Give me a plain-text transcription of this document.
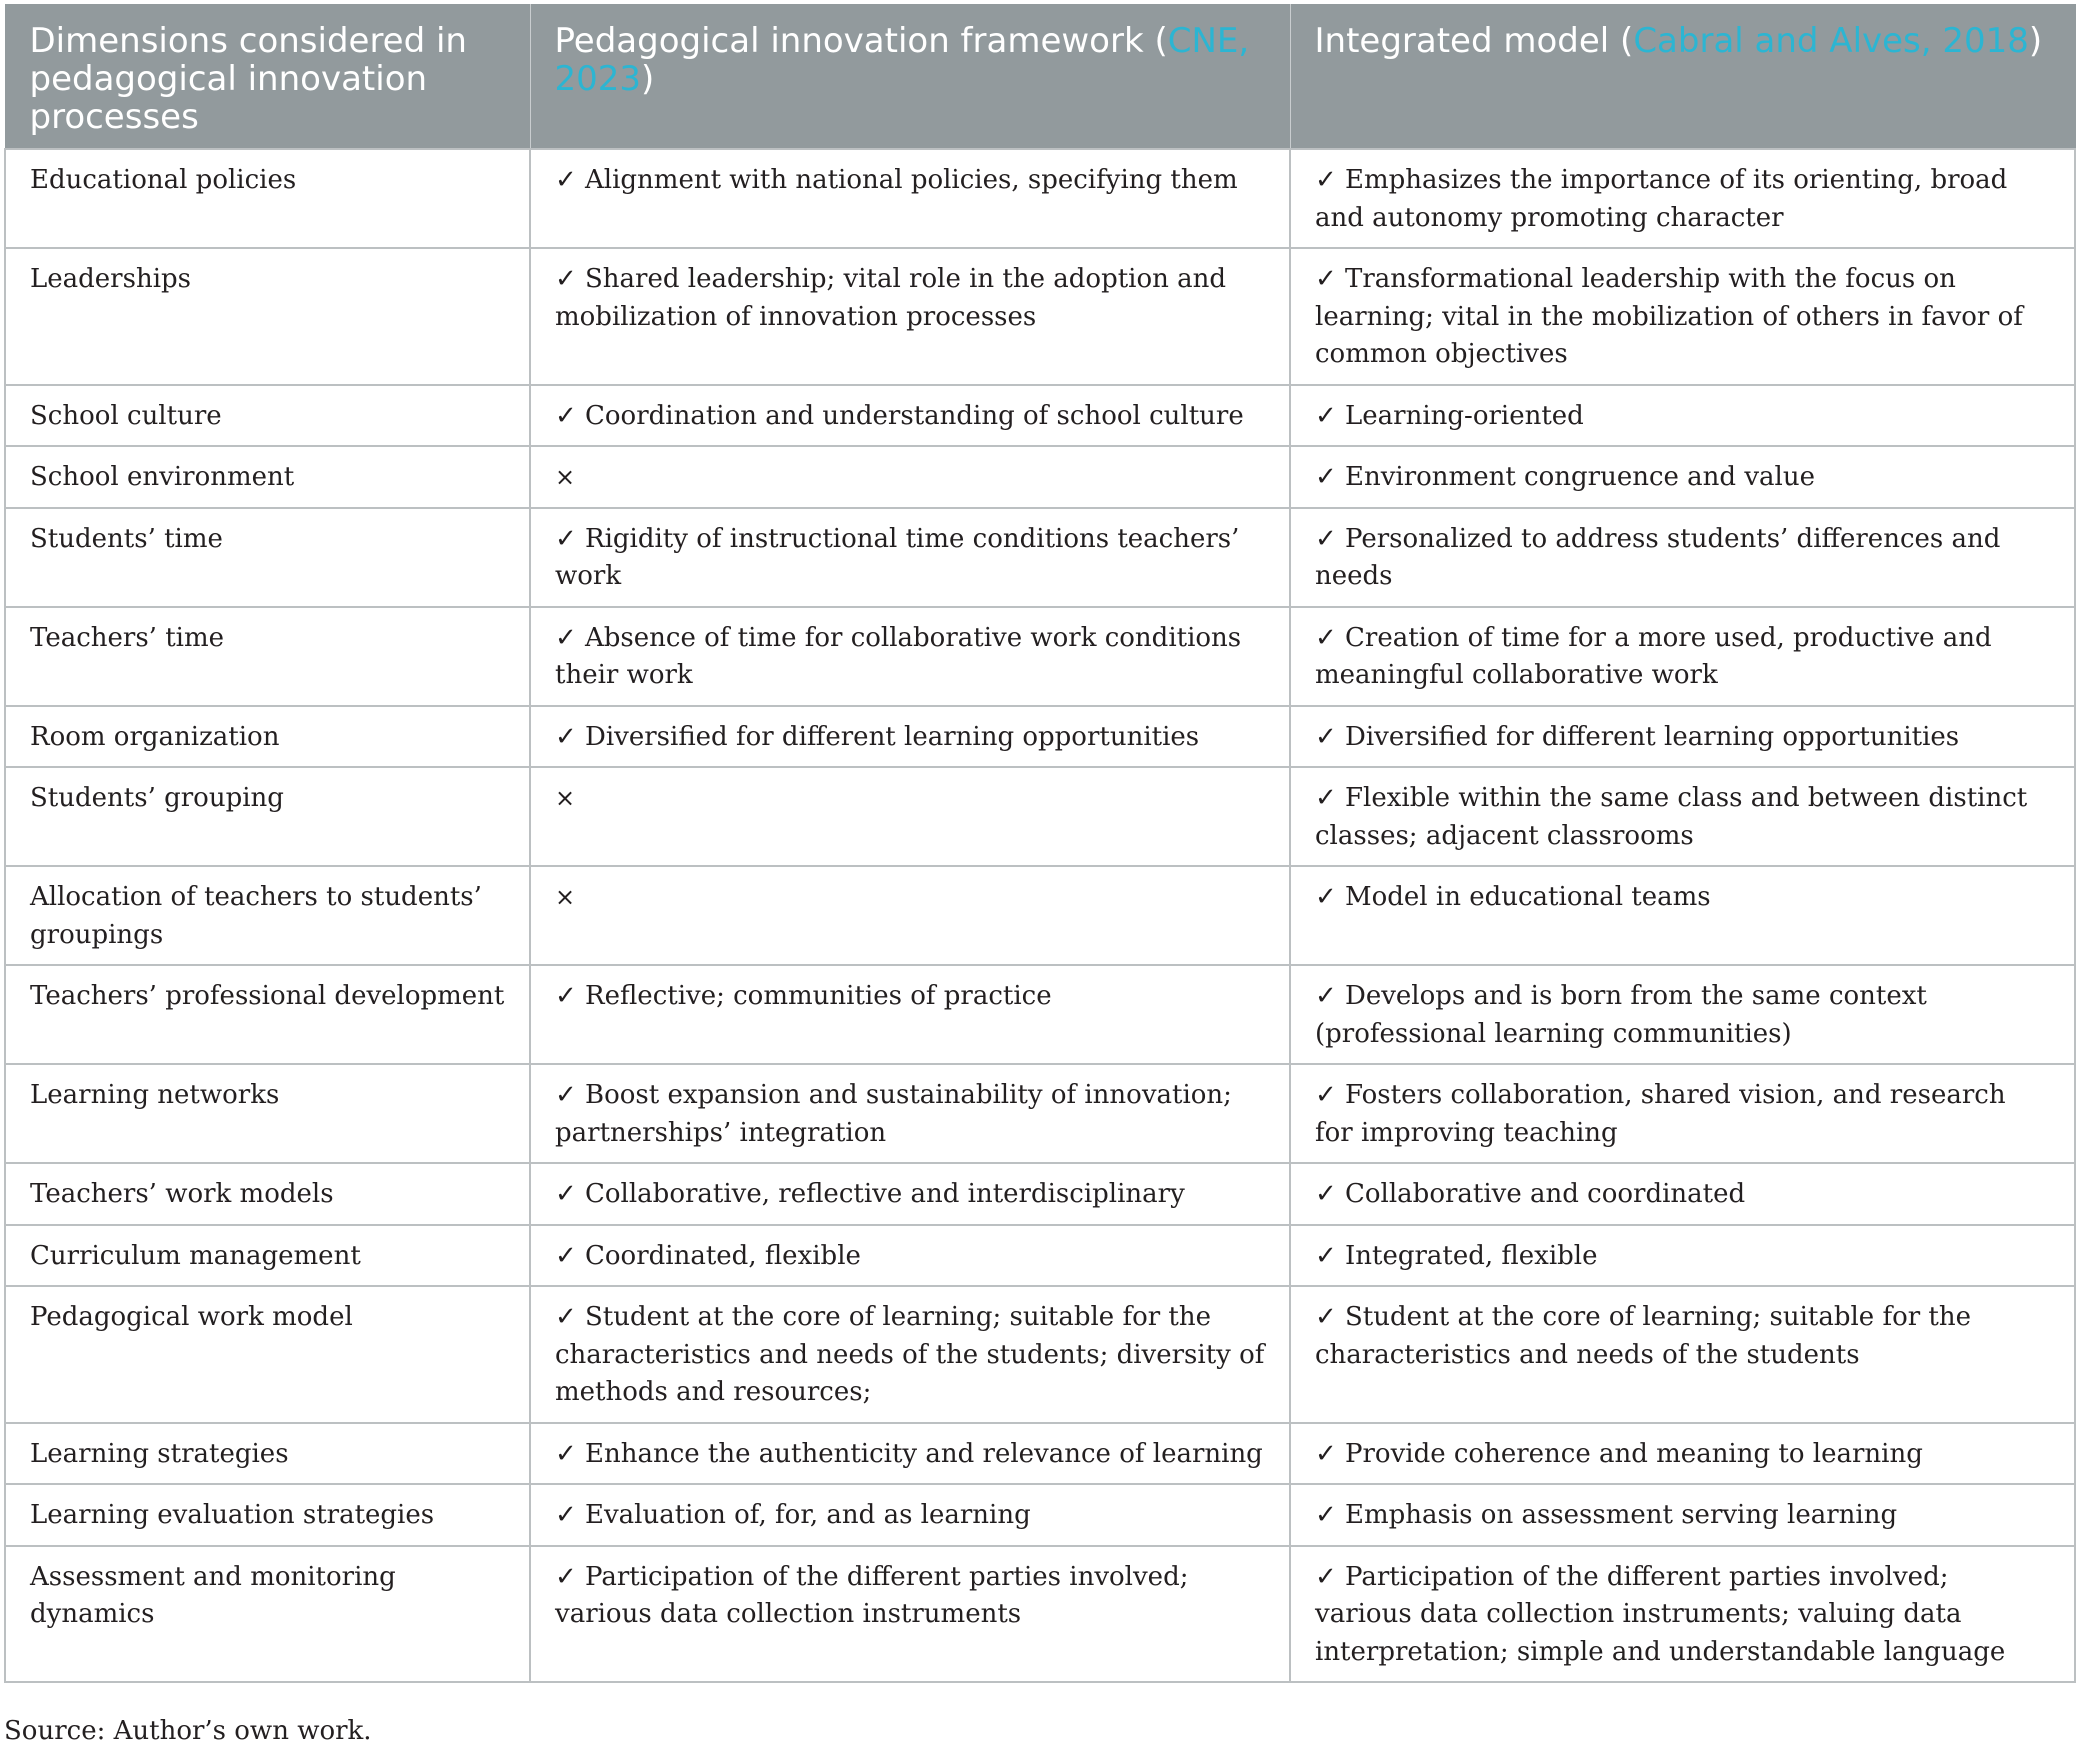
Dimensions considered in pedagogical innovation processes	Pedagogical innovation framework (CNE, 2023)	Integrated model (Cabral and Alves, 2018)
Educational policies	✓ Alignment with national policies, specifying them	✓ Emphasizes the importance of its orienting, broad and autonomy promoting character
Leaderships	✓ Shared leadership; vital role in the adoption and mobilization of innovation processes	✓ Transformational leadership with the focus on learning; vital in the mobilization of others in favor of common objectives
School culture	✓ Coordination and understanding of school culture	✓ Learning-oriented
School environment	×	✓ Environment congruence and value
Students’ time	✓ Rigidity of instructional time conditions teachers’ work	✓ Personalized to address students’ differences and needs
Teachers’ time	✓ Absence of time for collaborative work conditions their work	✓ Creation of time for a more used, productive and meaningful collaborative work
Room organization	✓ Diversified for different learning opportunities	✓ Diversified for different learning opportunities
Students’ grouping	×	✓ Flexible within the same class and between distinct classes; adjacent classrooms
Allocation of teachers to students’ groupings	×	✓ Model in educational teams
Teachers’ professional development	✓ Reflective; communities of practice	✓ Develops and is born from the same context (professional learning communities)
Learning networks	✓ Boost expansion and sustainability of innovation; partnerships’ integration	✓ Fosters collaboration, shared vision, and research for improving teaching
Teachers’ work models	✓ Collaborative, reflective and interdisciplinary	✓ Collaborative and coordinated
Curriculum management	✓ Coordinated, flexible	✓ Integrated, flexible
Pedagogical work model	✓ Student at the core of learning; suitable for the characteristics and needs of the students; diversity of methods and resources;	✓ Student at the core of learning; suitable for the characteristics and needs of the students
Learning strategies	✓ Enhance the authenticity and relevance of learning	✓ Provide coherence and meaning to learning
Learning evaluation strategies	✓ Evaluation of, for, and as learning	✓ Emphasis on assessment serving learning
Assessment and monitoring dynamics	✓ Participation of the different parties involved; various data collection instruments	✓ Participation of the different parties involved; various data collection instruments; valuing data interpretation; simple and understandable language
Source: Author’s own work.
